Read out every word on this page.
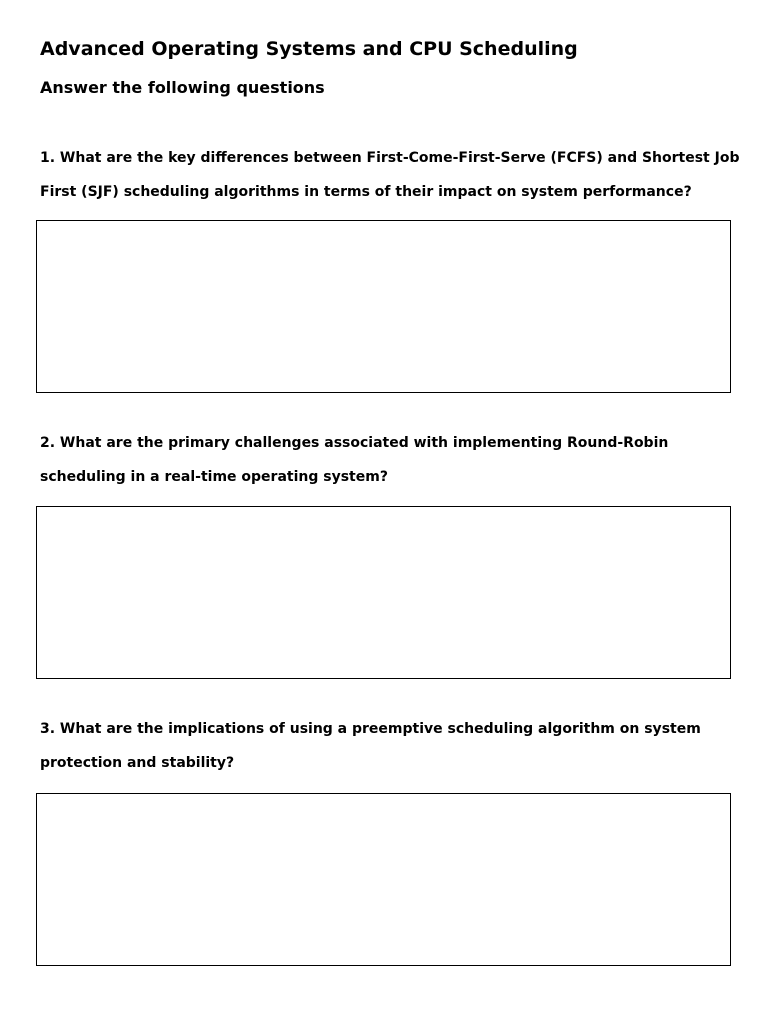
Advanced Operating Systems and CPU Scheduling
Answer the following questions

1. What are the key differences between First-Come-First-Serve (FCFS) and Shortest Job First (SJF) scheduling algorithms in terms of their impact on system performance?

2. What are the primary challenges associated with implementing Round-Robin scheduling in a real-time operating system?

3. What are the implications of using a preemptive scheduling algorithm on system protection and stability?
